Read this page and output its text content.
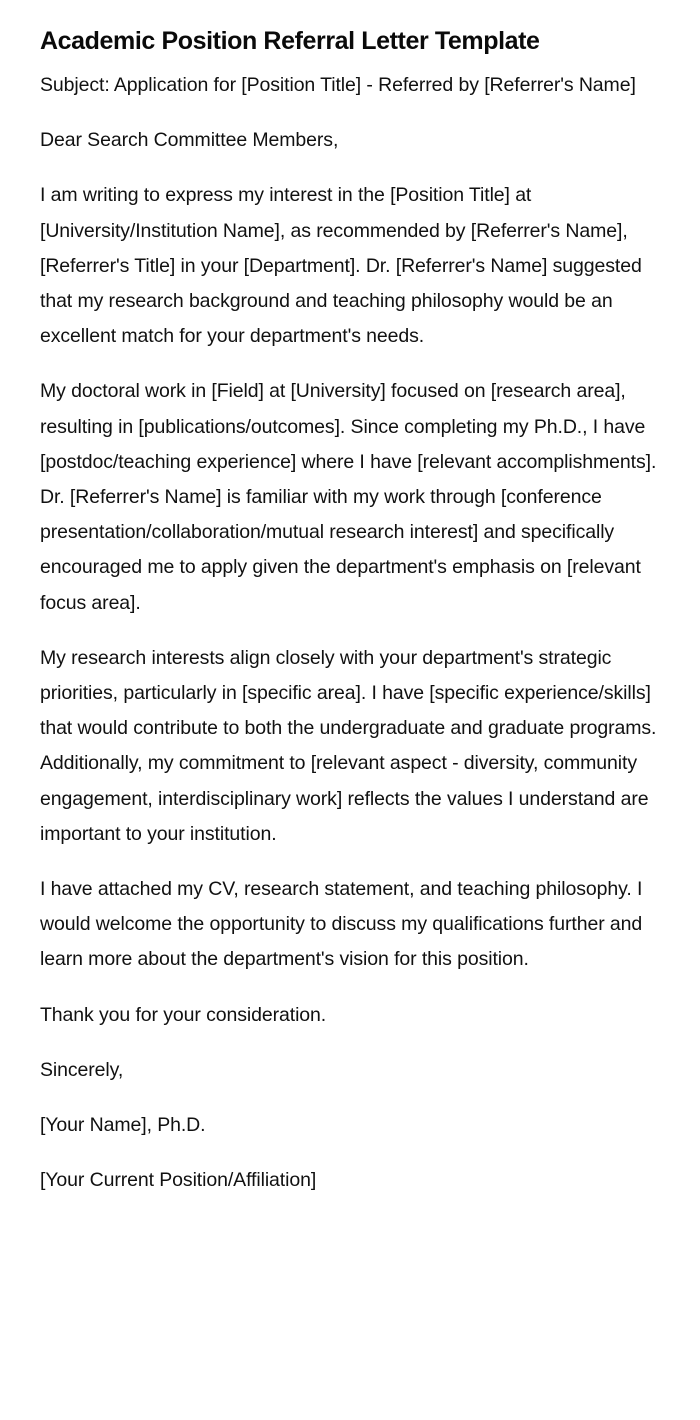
Academic Position Referral Letter Template

Subject: Application for [Position Title] - Referred by [Referrer's Name]

Dear Search Committee Members,

I am writing to express my interest in the [Position Title] at [University/Institution Name], as recommended by [Referrer's Name], [Referrer's Title] in your [Department]. Dr. [Referrer's Name] suggested that my research background and teaching philosophy would be an excellent match for your department's needs.

My doctoral work in [Field] at [University] focused on [research area], resulting in [publications/outcomes]. Since completing my Ph.D., I have [postdoc/teaching experience] where I have [relevant accomplishments]. Dr. [Referrer's Name] is familiar with my work through [conference presentation/collaboration/mutual research interest] and specifically encouraged me to apply given the department's emphasis on [relevant focus area].

My research interests align closely with your department's strategic priorities, particularly in [specific area]. I have [specific experience/skills] that would contribute to both the undergraduate and graduate programs. Additionally, my commitment to [relevant aspect - diversity, community engagement, interdisciplinary work] reflects the values I understand are important to your institution.

I have attached my CV, research statement, and teaching philosophy. I would welcome the opportunity to discuss my qualifications further and learn more about the department's vision for this position.

Thank you for your consideration.

Sincerely,

[Your Name], Ph.D.

[Your Current Position/Affiliation]
